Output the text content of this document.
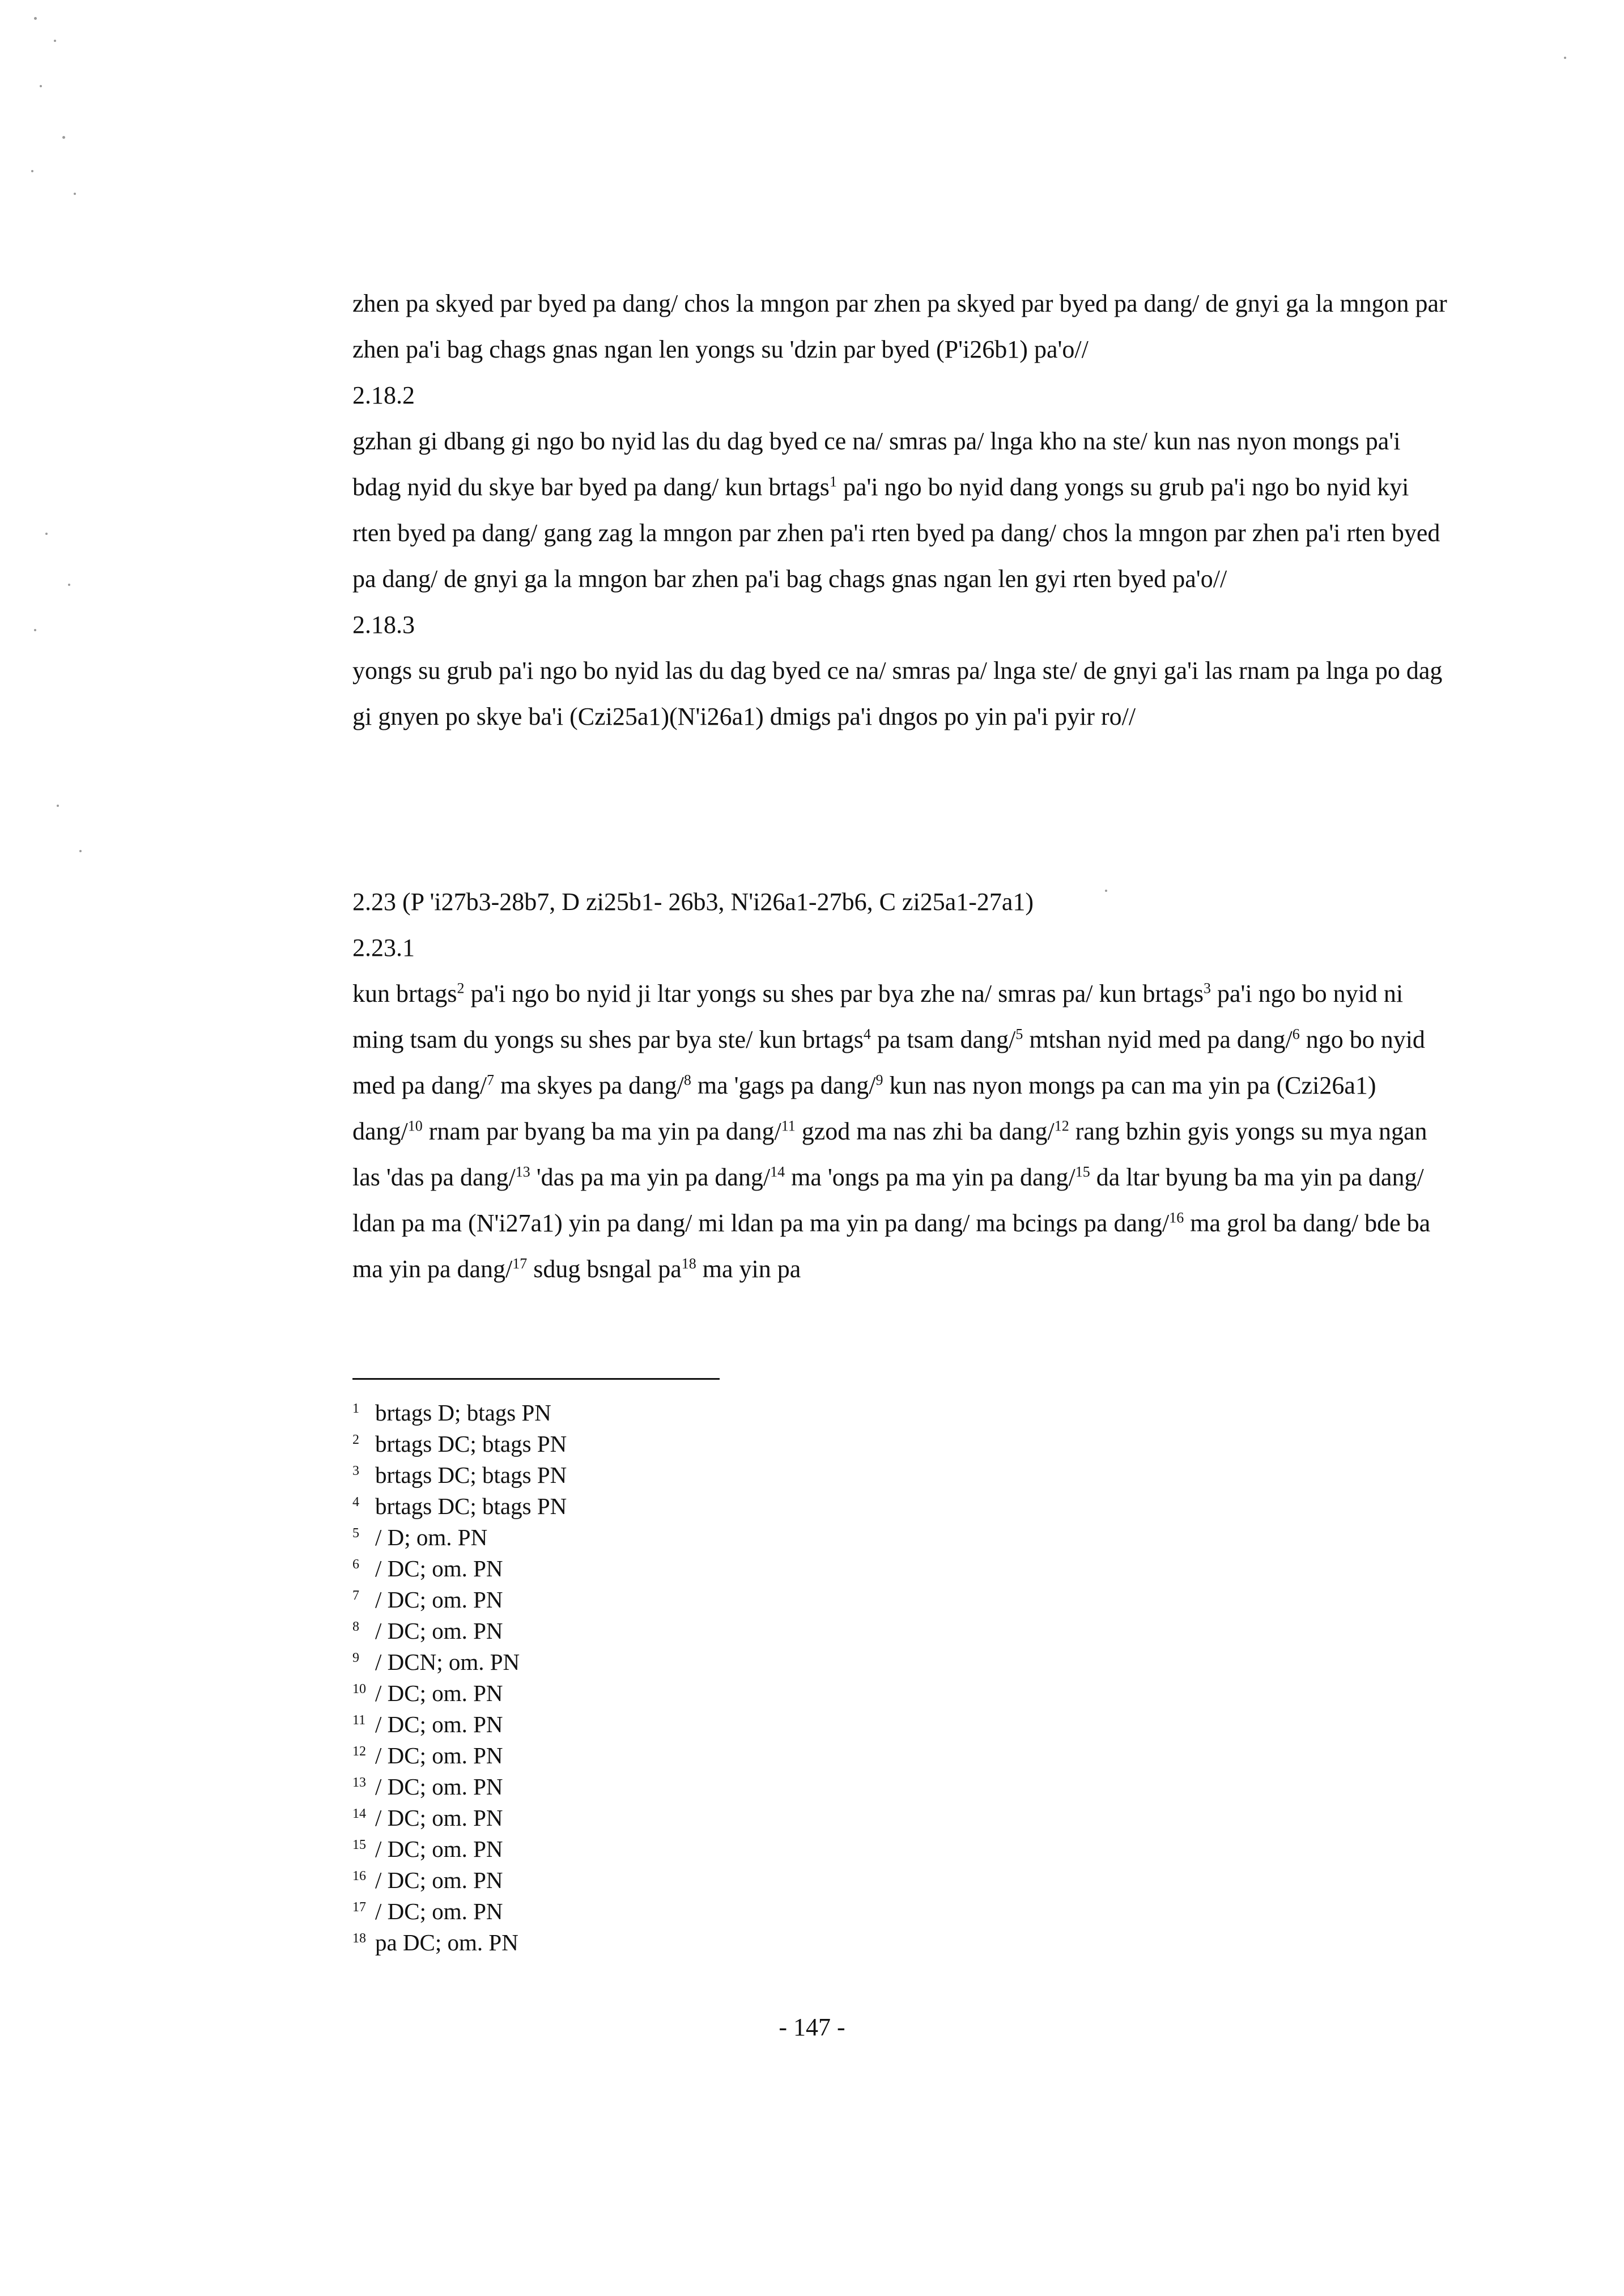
zhen pa skyed par byed pa dang/ chos la mngon par zhen pa skyed par byed pa dang/ de gnyi ga la mngon par zhen pa'i bag chags gnas ngan len yongs su 'dzin par byed (P'i26b1) pa'o//

2.18.2

gzhan gi dbang gi ngo bo nyid las du dag byed ce na/ smras pa/ lnga kho na ste/ kun nas nyon mongs pa'i bdag nyid du skye bar byed pa dang/ kun brtags$^1$ pa'i ngo bo nyid dang yongs su grub pa'i ngo bo nyid kyi rten byed pa dang/ gang zag la mngon par zhen pa'i rten byed pa dang/ chos la mngon par zhen pa'i rten byed pa dang/ de gnyi ga la mngon bar zhen pa'i bag chags gnas ngan len gyi rten byed pa'o//

2.18.3

yongs su grub pa'i ngo bo nyid las du dag byed ce na/ smras pa/ lnga ste/ de gnyi ga'i las rnam pa lnga po dag gi gnyen po skye ba'i (Czi25a1)(N'i26a1) dmigs pa'i dngos po yin pa'i pyir ro//

2.23 (P 'i27b3-28b7, D zi25b1- 26b3, N'i26a1-27b6, C zi25a1-27a1)

2.23.1

kun brtags$^2$ pa'i ngo bo nyid ji ltar yongs su shes par bya zhe na/ smras pa/ kun brtags$^3$ pa'i ngo bo nyid ni ming tsam du yongs su shes par bya ste/ kun brtags$^4$ pa tsam dang/$^5$ mtshan nyid med pa dang/$^6$ ngo bo nyid med pa dang/$^7$ ma skyes pa dang/$^8$ ma 'gags pa dang/$^9$ kun nas nyon mongs pa can ma yin pa (Czi26a1) dang/$^{10}$ rnam par byang ba ma yin pa dang/$^{11}$ gzod ma nas zhi ba dang/$^{12}$ rang bzhin gyis yongs su mya ngan las 'das pa dang/$^{13}$ 'das pa ma yin pa dang/$^{14}$ ma 'ongs pa ma yin pa dang/$^{15}$ da ltar byung ba ma yin pa dang/ ldan pa ma (N'i27a1) yin pa dang/ mi ldan pa ma yin pa dang/ ma bcings pa dang/$^{16}$ ma grol ba dang/ bde ba ma yin pa dang/$^{17}$ sdug bsngal $pa^{18}$ ma yin pa

1 brtags D; btags PN
2 brtags DC; btags PN
3 brtags DC; btags PN
4 brtags DC; btags PN
5 / D; om. PN
6 / DC; om. PN
7 / DC; om. PN
8 / DC; om. PN
9 / DCN; om. PN
10 / DC; om. PN
11 / DC; om. PN
12 / DC; om. PN
13 / DC; om. PN
14 / DC; om. PN
15 / DC; om. PN
16 / DC; om. PN
17 / DC; om. PN
18 pa DC; om. PN
- 147 -
